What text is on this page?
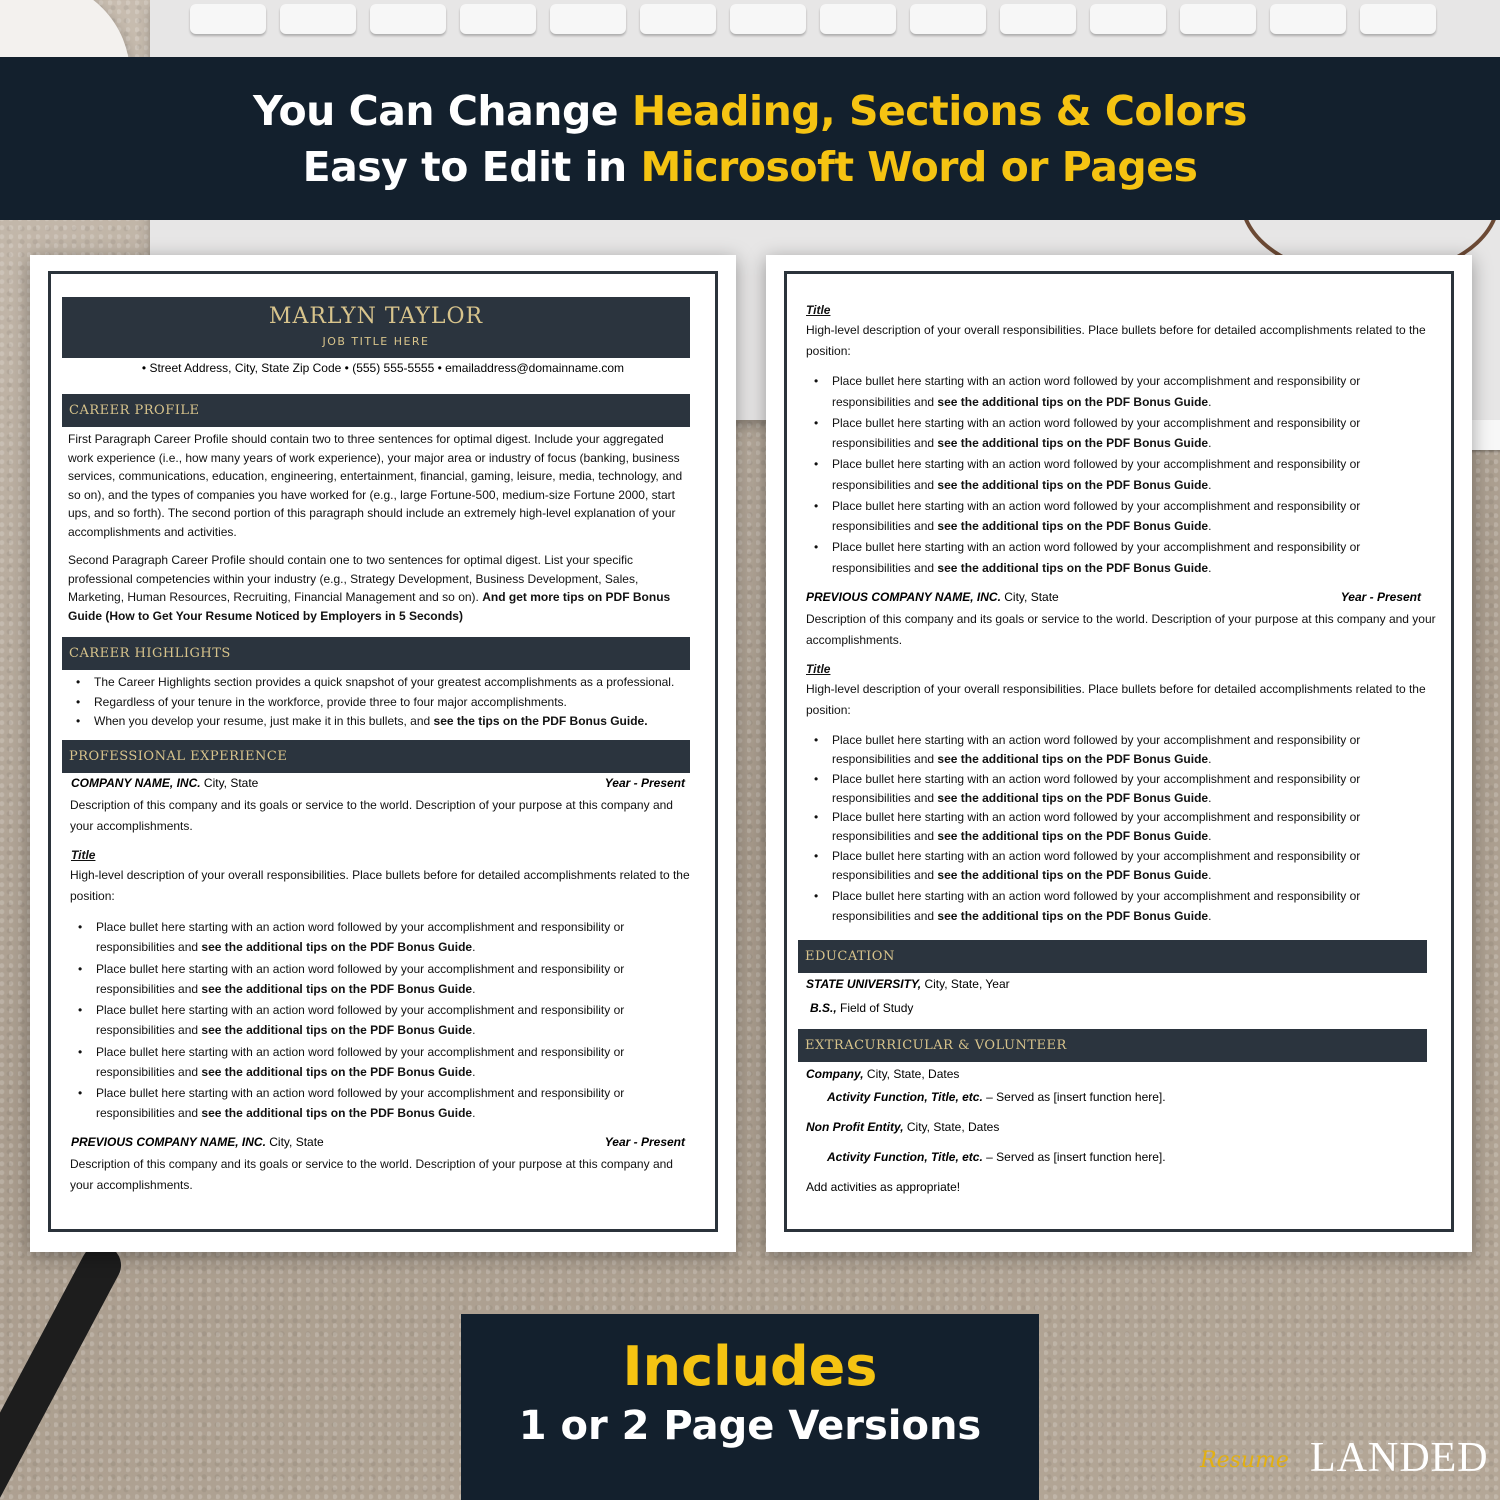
You Can Change Heading, Sections & Colors
Easy to Edit in Microsoft Word or Pages
MARLYN TAYLOR
JOB TITLE HERE
• Street Address, City, State Zip Code • (555) 555-5555 • emailaddress@domainname.com
CAREER PROFILE
First Paragraph Career Profile should contain two to three sentences for optimal digest. Include your aggregated work experience (i.e., how many years of work experience), your major area or industry of focus (banking, business services, communications, education, engineering, entertainment, financial, gaming, leisure, media, technology, and so on), and the types of companies you have worked for (e.g., large Fortune-500, medium-size Fortune 2000, start ups, and so forth). The second portion of this paragraph should include an extremely high-level explanation of your accomplishments and activities.
Second Paragraph Career Profile should contain one to two sentences for optimal digest. List your specific professional competencies within your industry (e.g., Strategy Development, Business Development, Sales, Marketing, Human Resources, Recruiting, Financial Management and so on). And get more tips on PDF Bonus Guide (How to Get Your Resume Noticed by Employers in 5 Seconds)
CAREER HIGHLIGHTS
• The Career Highlights section provides a quick snapshot of your greatest accomplishments as a professional.
• Regardless of your tenure in the workforce, provide three to four major accomplishments.
• When you develop your resume, just make it in this bullets, and see the tips on the PDF Bonus Guide.
PROFESSIONAL EXPERIENCE
COMPANY NAME, INC. City, State	Year - Present
Description of this company and its goals or service to the world. Description of your purpose at this company and your accomplishments.
Title
High-level description of your overall responsibilities. Place bullets before for detailed accomplishments related to the position:
• Place bullet here starting with an action word followed by your accomplishment and responsibility or responsibilities and see the additional tips on the PDF Bonus Guide.
• Place bullet here starting with an action word followed by your accomplishment and responsibility or responsibilities and see the additional tips on the PDF Bonus Guide.
• Place bullet here starting with an action word followed by your accomplishment and responsibility or responsibilities and see the additional tips on the PDF Bonus Guide.
• Place bullet here starting with an action word followed by your accomplishment and responsibility or responsibilities and see the additional tips on the PDF Bonus Guide.
• Place bullet here starting with an action word followed by your accomplishment and responsibility or responsibilities and see the additional tips on the PDF Bonus Guide.
PREVIOUS COMPANY NAME, INC. City, State	Year - Present
Description of this company and its goals or service to the world. Description of your purpose at this company and your accomplishments.
Title
High-level description of your overall responsibilities. Place bullets before for detailed accomplishments related to the position:
• Place bullet here starting with an action word followed by your accomplishment and responsibility or responsibilities and see the additional tips on the PDF Bonus Guide.
• Place bullet here starting with an action word followed by your accomplishment and responsibility or responsibilities and see the additional tips on the PDF Bonus Guide.
• Place bullet here starting with an action word followed by your accomplishment and responsibility or responsibilities and see the additional tips on the PDF Bonus Guide.
• Place bullet here starting with an action word followed by your accomplishment and responsibility or responsibilities and see the additional tips on the PDF Bonus Guide.
• Place bullet here starting with an action word followed by your accomplishment and responsibility or responsibilities and see the additional tips on the PDF Bonus Guide.
PREVIOUS COMPANY NAME, INC. City, State	Year - Present
Description of this company and its goals or service to the world. Description of your purpose at this company and your accomplishments.
Title
High-level description of your overall responsibilities. Place bullets before for detailed accomplishments related to the position:
• Place bullet here starting with an action word followed by your accomplishment and responsibility or responsibilities and see the additional tips on the PDF Bonus Guide.
• Place bullet here starting with an action word followed by your accomplishment and responsibility or responsibilities and see the additional tips on the PDF Bonus Guide.
• Place bullet here starting with an action word followed by your accomplishment and responsibility or responsibilities and see the additional tips on the PDF Bonus Guide.
• Place bullet here starting with an action word followed by your accomplishment and responsibility or responsibilities and see the additional tips on the PDF Bonus Guide.
• Place bullet here starting with an action word followed by your accomplishment and responsibility or responsibilities and see the additional tips on the PDF Bonus Guide.
EDUCATION
STATE UNIVERSITY, City, State, Year
B.S., Field of Study
EXTRACURRICULAR & VOLUNTEER
Company, City, State, Dates
Activity Function, Title, etc. – Served as [insert function here].
Non Profit Entity, City, State, Dates
Activity Function, Title, etc. – Served as [insert function here].
Add activities as appropriate!
Includes
1 or 2 Page Versions
Resume LANDED
